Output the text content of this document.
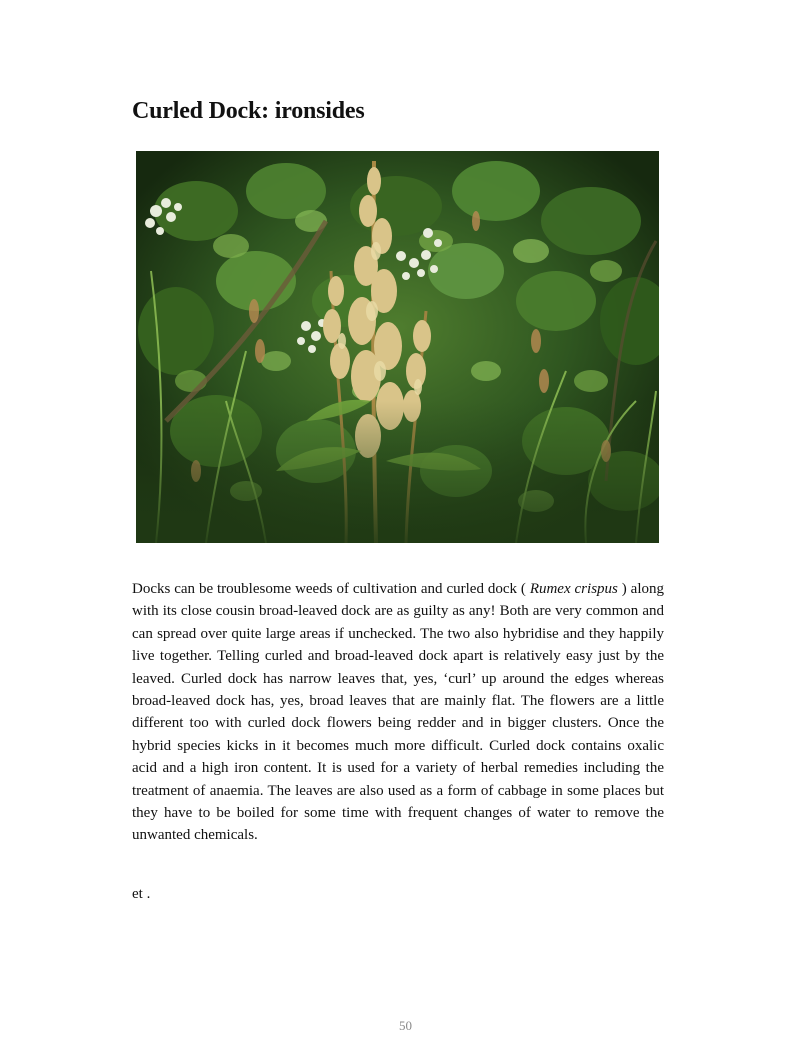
Curled Dock: ironsides

Docks can be troublesome weeds of cultivation and curled dock ( Rumex crispus ) along with its close cousin broad-leaved dock are as guilty as any! Both are very common and can spread over quite large areas if unchecked. The two also hybridise and they happily live together. Telling curled and broad-leaved dock apart is relatively easy just by the leaved. Curled dock has narrow leaves that, yes, ‘curl’ up around the edges whereas broad-leaved dock has, yes, broad leaves that are mainly flat. The flowers are a little different too with curled dock flowers being redder and in bigger clusters. Once the hybrid species kicks in it becomes much more difficult. Curled dock contains oxalic acid and a high iron content. It is used for a variety of herbal remedies including the treatment of anaemia. The leaves are also used as a form of cabbage in some places but they have to be boiled for some time with frequent changes of water to remove the unwanted chemicals.

et .

50
